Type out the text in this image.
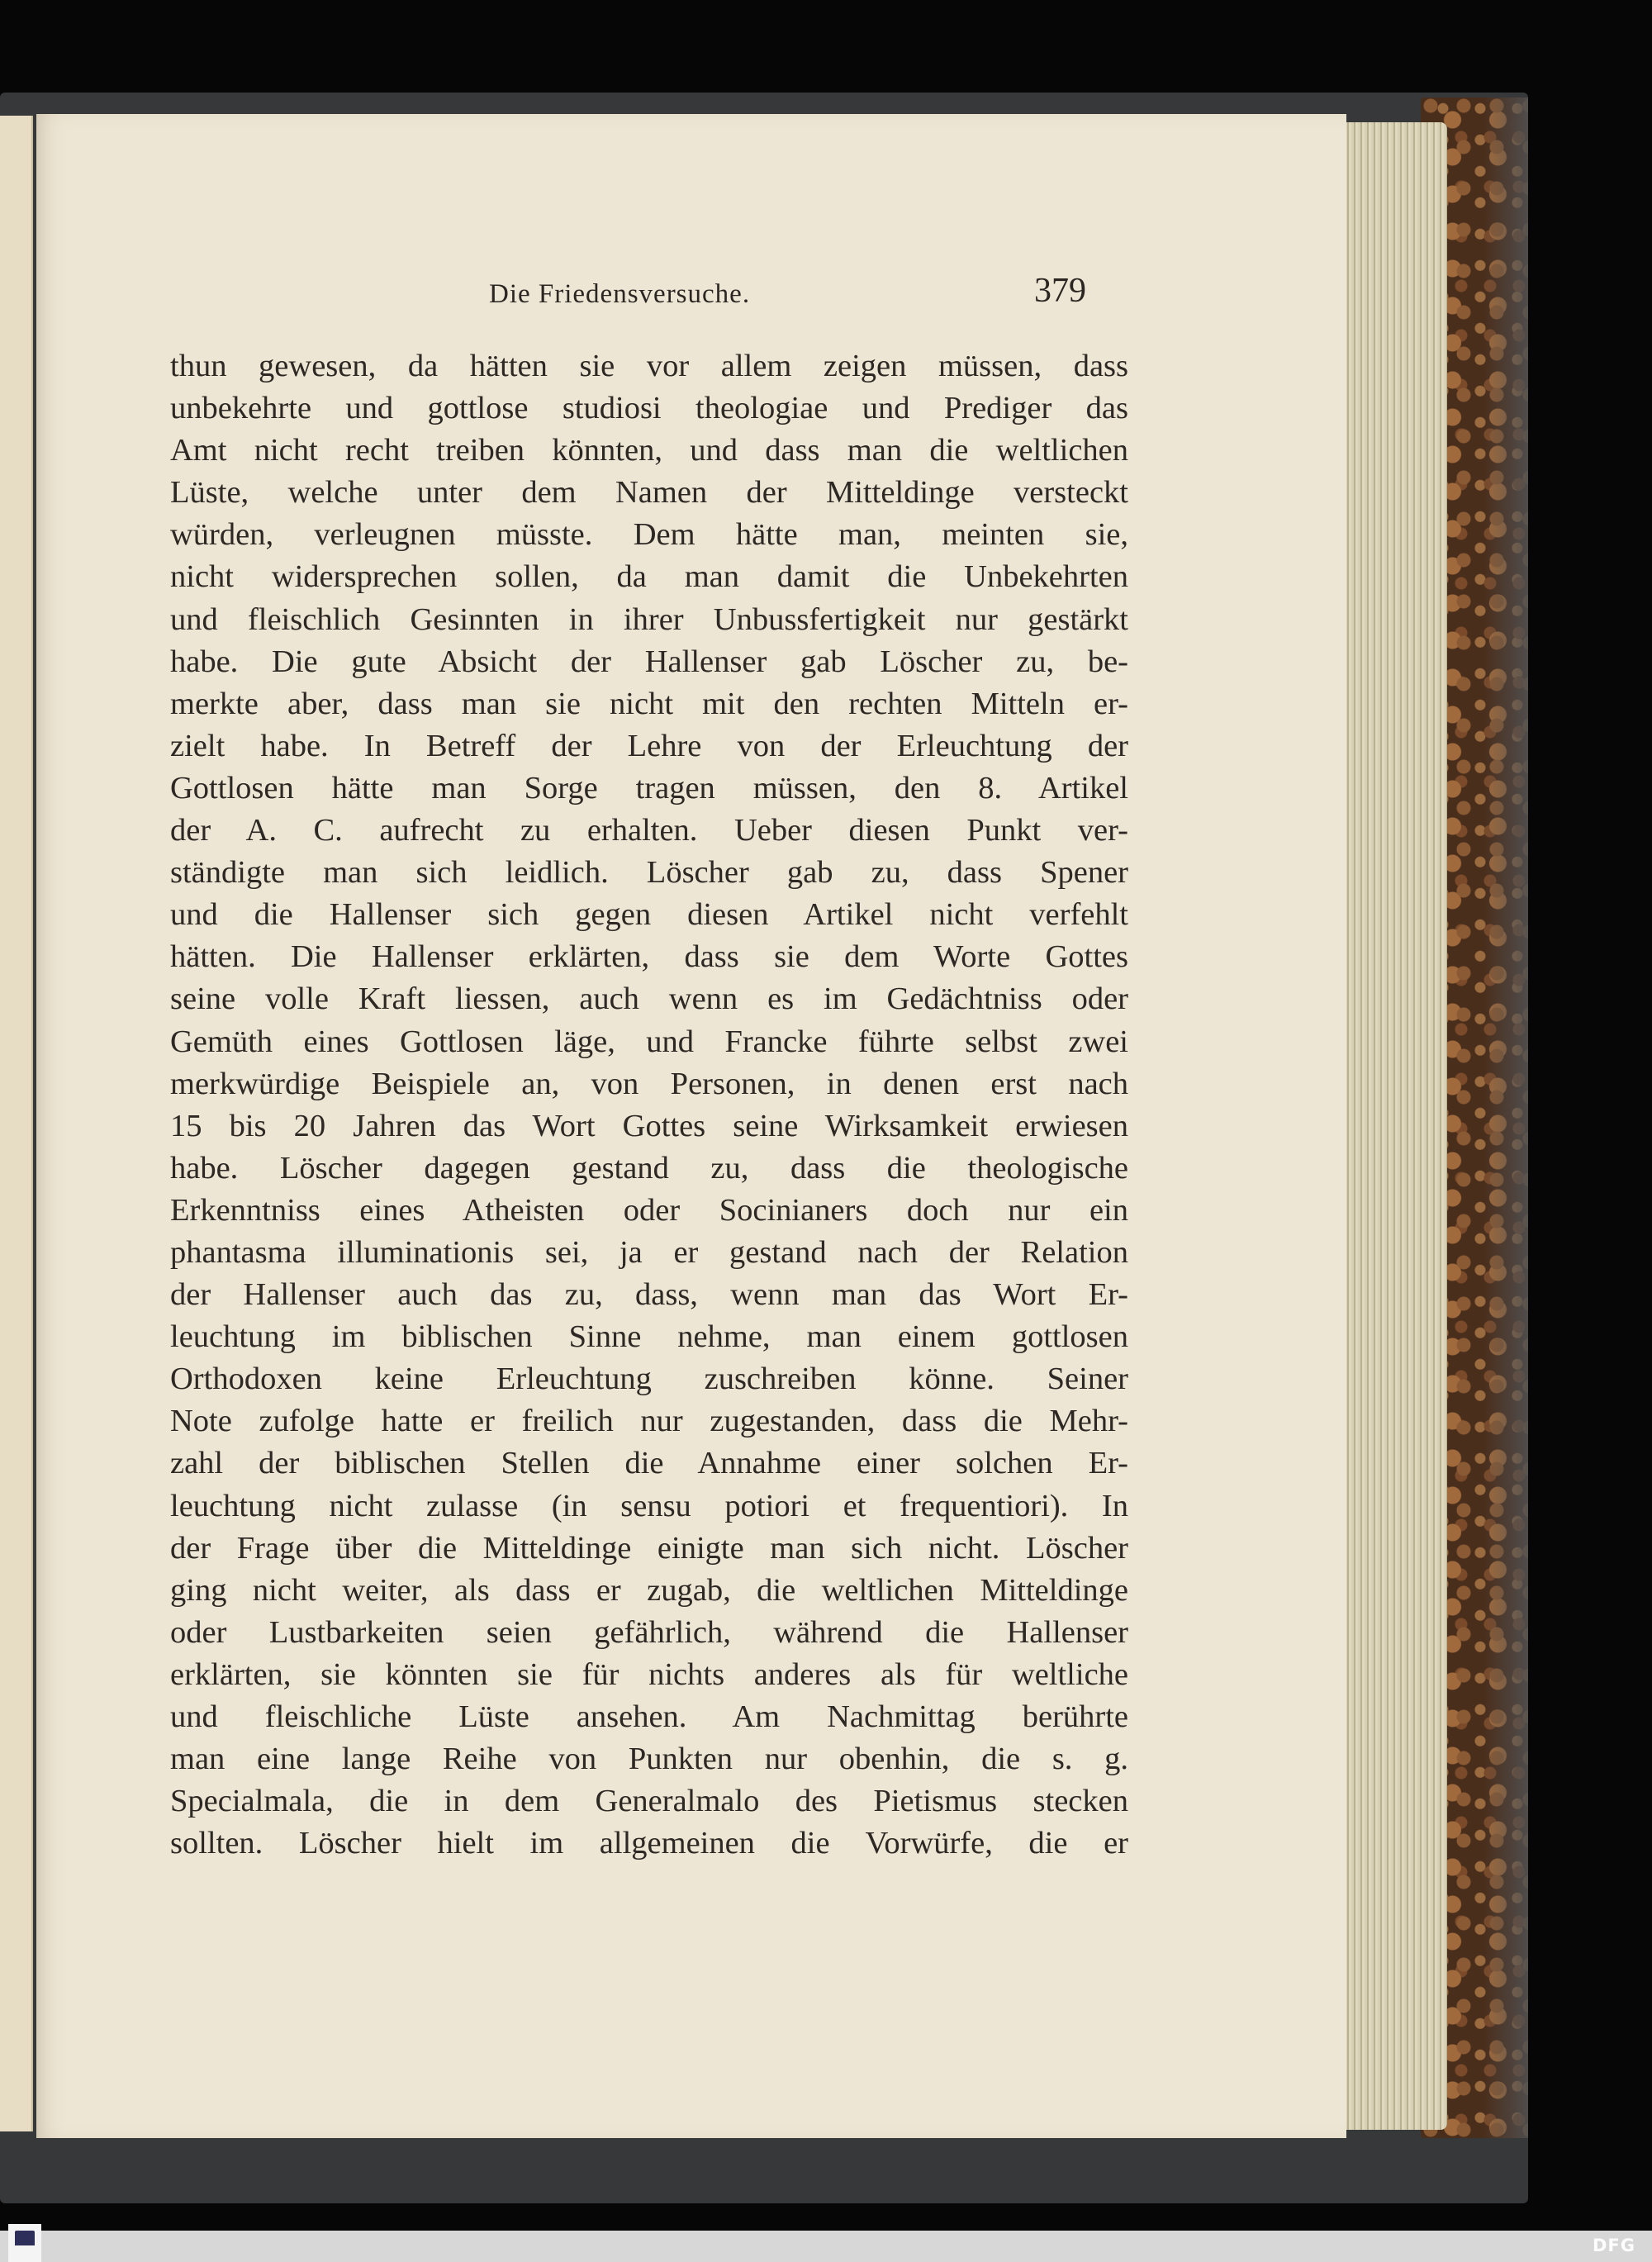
Die Friedensversuche.	379
thun gewesen, da hätten sie vor allem zeigen müssen, dass
unbekehrte und gottlose studiosi theologiae und Prediger das
Amt nicht recht treiben könnten, und dass man die weltlichen
Lüste, welche unter dem Namen der Mitteldinge versteckt
würden, verleugnen müsste. Dem hätte man, meinten sie,
nicht widersprechen sollen, da man damit die Unbekehrten
und fleischlich Gesinnten in ihrer Unbussfertigkeit nur gestärkt
habe. Die gute Absicht der Hallenser gab Löscher zu, be-
merkte aber, dass man sie nicht mit den rechten Mitteln er-
zielt habe. In Betreff der Lehre von der Erleuchtung der
Gottlosen hätte man Sorge tragen müssen, den 8. Artikel
der A. C. aufrecht zu erhalten. Ueber diesen Punkt ver-
ständigte man sich leidlich. Löscher gab zu, dass Spener
und die Hallenser sich gegen diesen Artikel nicht verfehlt
hätten. Die Hallenser erklärten, dass sie dem Worte Gottes
seine volle Kraft liessen, auch wenn es im Gedächtniss oder
Gemüth eines Gottlosen läge, und Francke führte selbst zwei
merkwürdige Beispiele an, von Personen, in denen erst nach
15 bis 20 Jahren das Wort Gottes seine Wirksamkeit erwiesen
habe. Löscher dagegen gestand zu, dass die theologische
Erkenntniss eines Atheisten oder Socinianers doch nur ein
phantasma illuminationis sei, ja er gestand nach der Relation
der Hallenser auch das zu, dass, wenn man das Wort Er-
leuchtung im biblischen Sinne nehme, man einem gottlosen
Orthodoxen keine Erleuchtung zuschreiben könne. Seiner
Note zufolge hatte er freilich nur zugestanden, dass die Mehr-
zahl der biblischen Stellen die Annahme einer solchen Er-
leuchtung nicht zulasse (in sensu potiori et frequentiori). In
der Frage über die Mitteldinge einigte man sich nicht. Löscher
ging nicht weiter, als dass er zugab, die weltlichen Mitteldinge
oder Lustbarkeiten seien gefährlich, während die Hallenser
erklärten, sie könnten sie für nichts anderes als für weltliche
und fleischliche Lüste ansehen. Am Nachmittag berührte
man eine lange Reihe von Punkten nur obenhin, die s. g.
Specialmala, die in dem Generalmalo des Pietismus stecken
sollten. Löscher hielt im allgemeinen die Vorwürfe, die er
DFG
